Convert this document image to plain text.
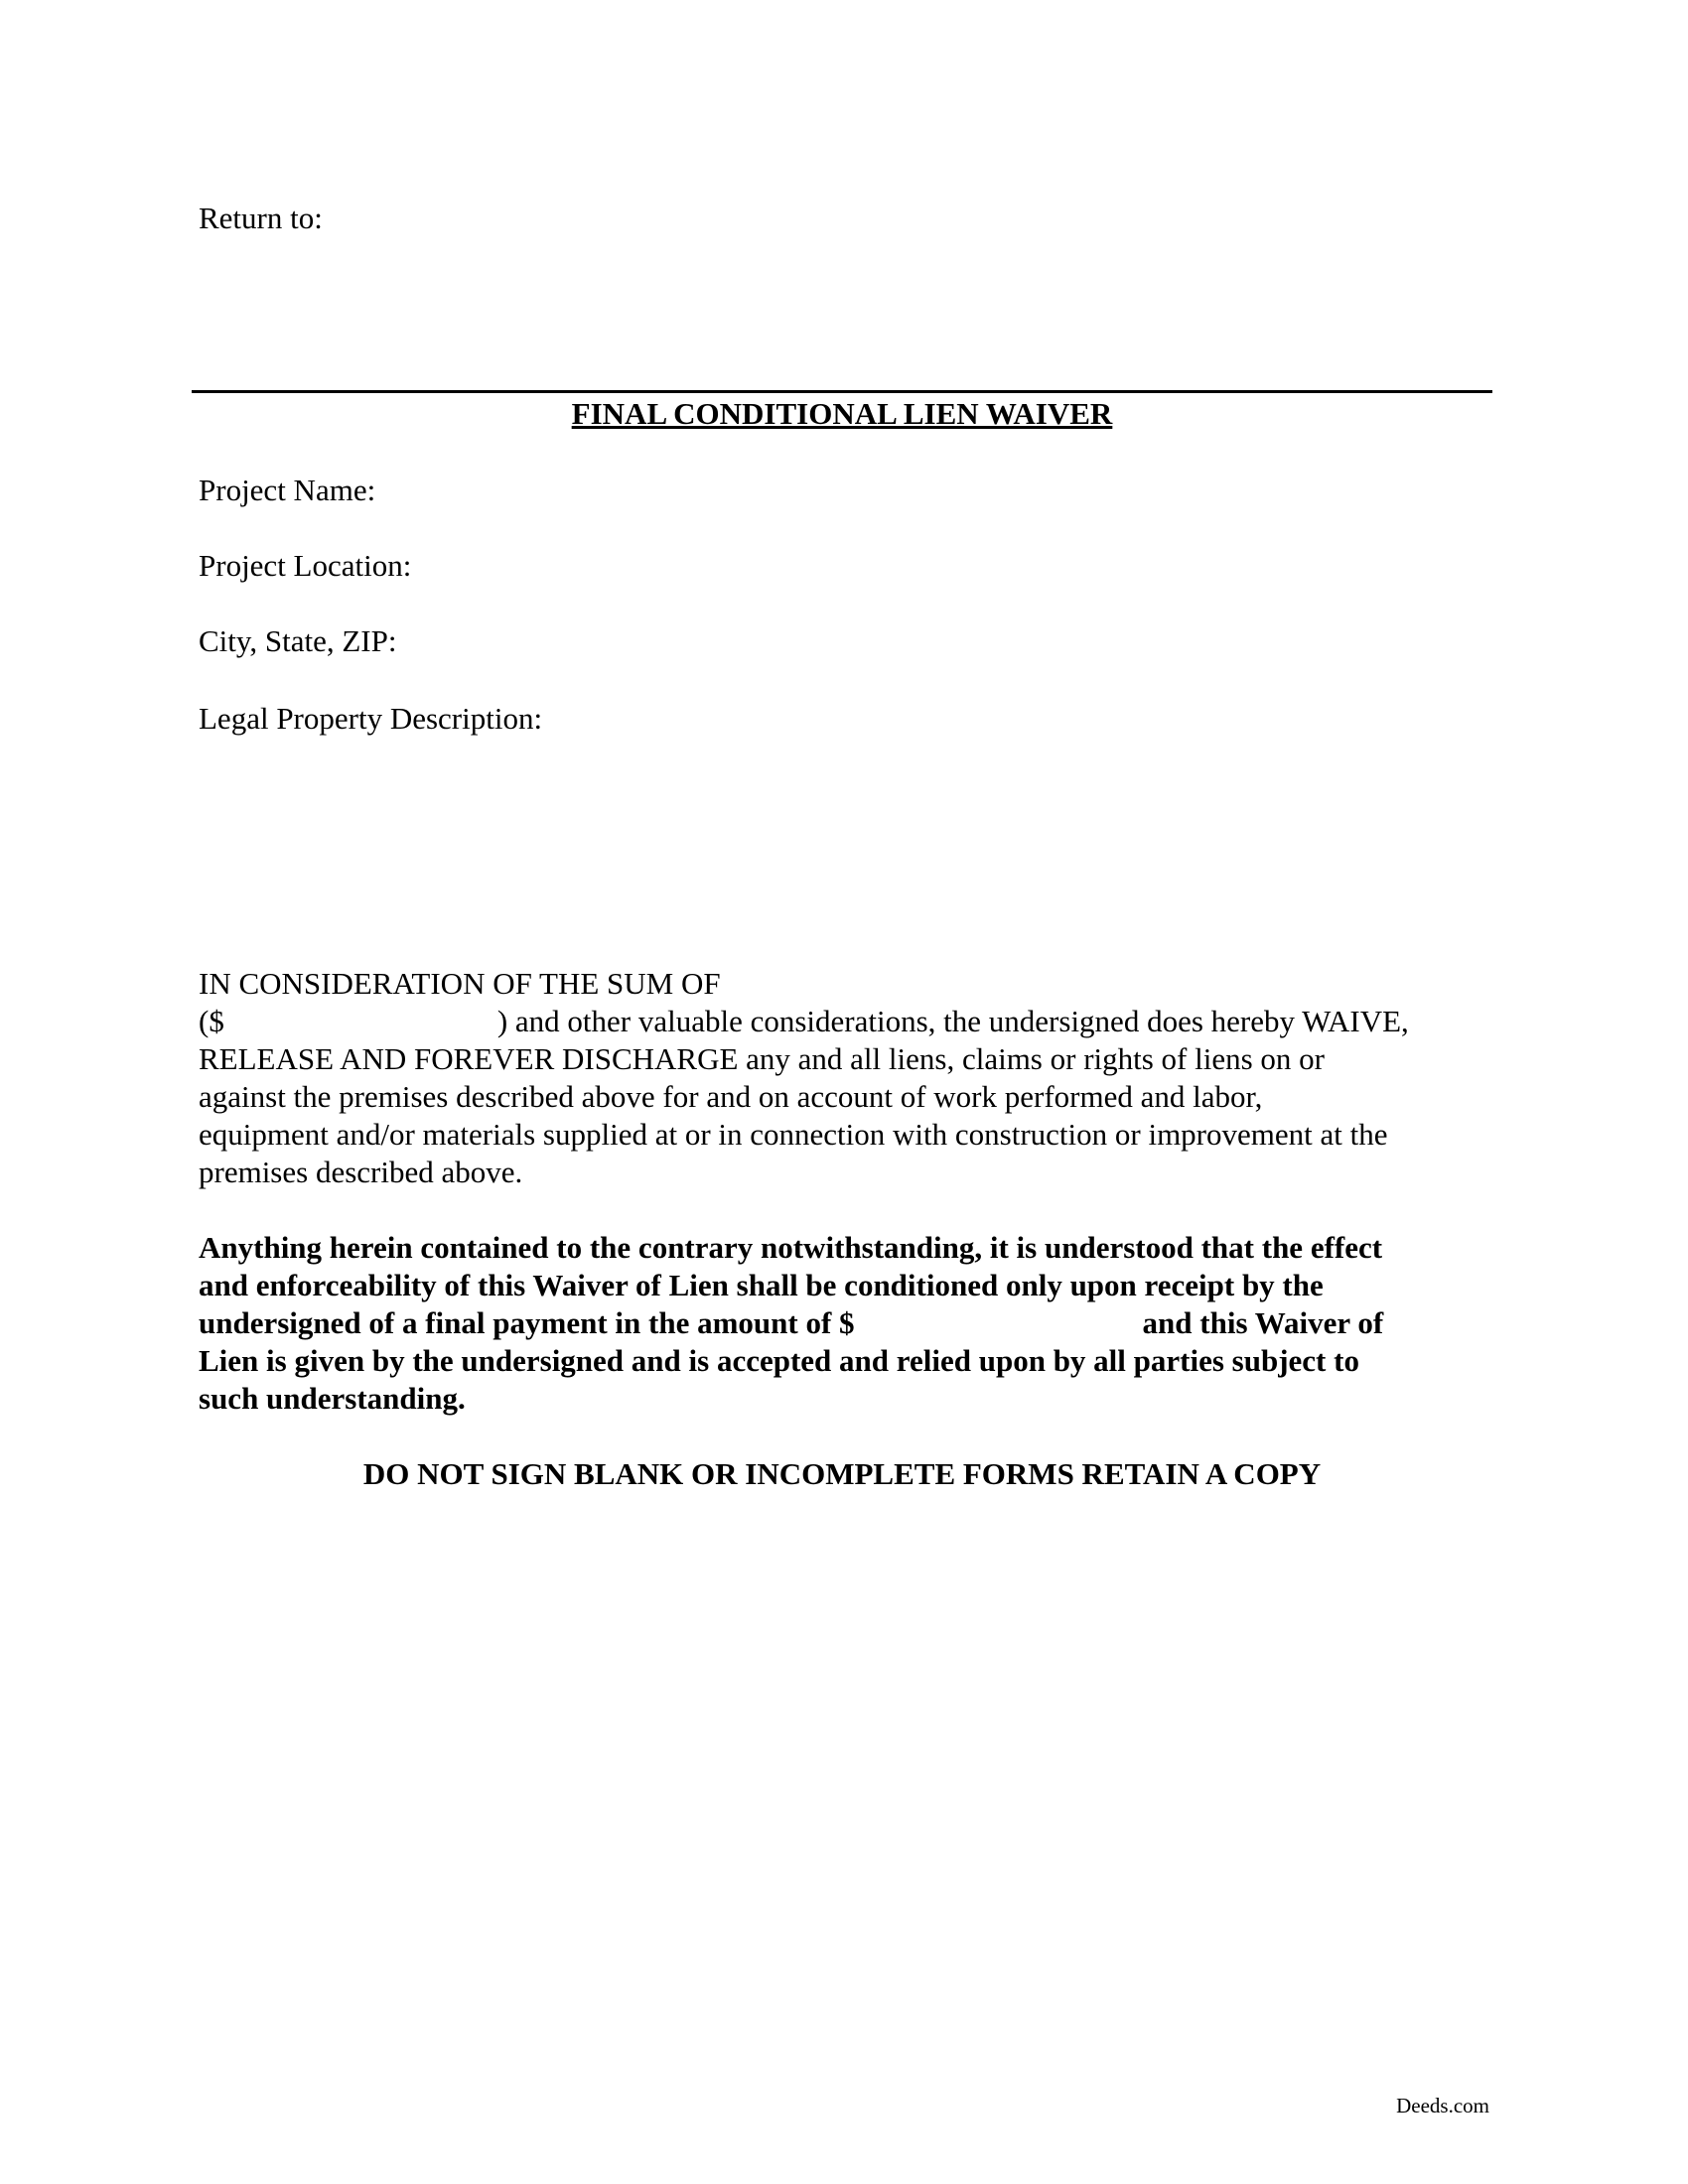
Return to:
FINAL CONDITIONAL LIEN WAIVER
Project Name:
Project Location:
City, State, ZIP:
Legal Property Description:
IN CONSIDERATION OF THE SUM OF
($	) and other valuable considerations, the undersigned does hereby WAIVE,
RELEASE AND FOREVER DISCHARGE any and all liens, claims or rights of liens on or
against the premises described above for and on account of work performed and labor,
equipment and/or materials supplied at or in connection with construction or improvement at the
premises described above.
Anything herein contained to the contrary notwithstanding, it is understood that the effect
and enforceability of this Waiver of Lien shall be conditioned only upon receipt by the
undersigned of a final payment in the amount of $	and this Waiver of
Lien is given by the undersigned and is accepted and relied upon by all parties subject to
such understanding.
DO NOT SIGN BLANK OR INCOMPLETE FORMS RETAIN A COPY
Deeds.com
